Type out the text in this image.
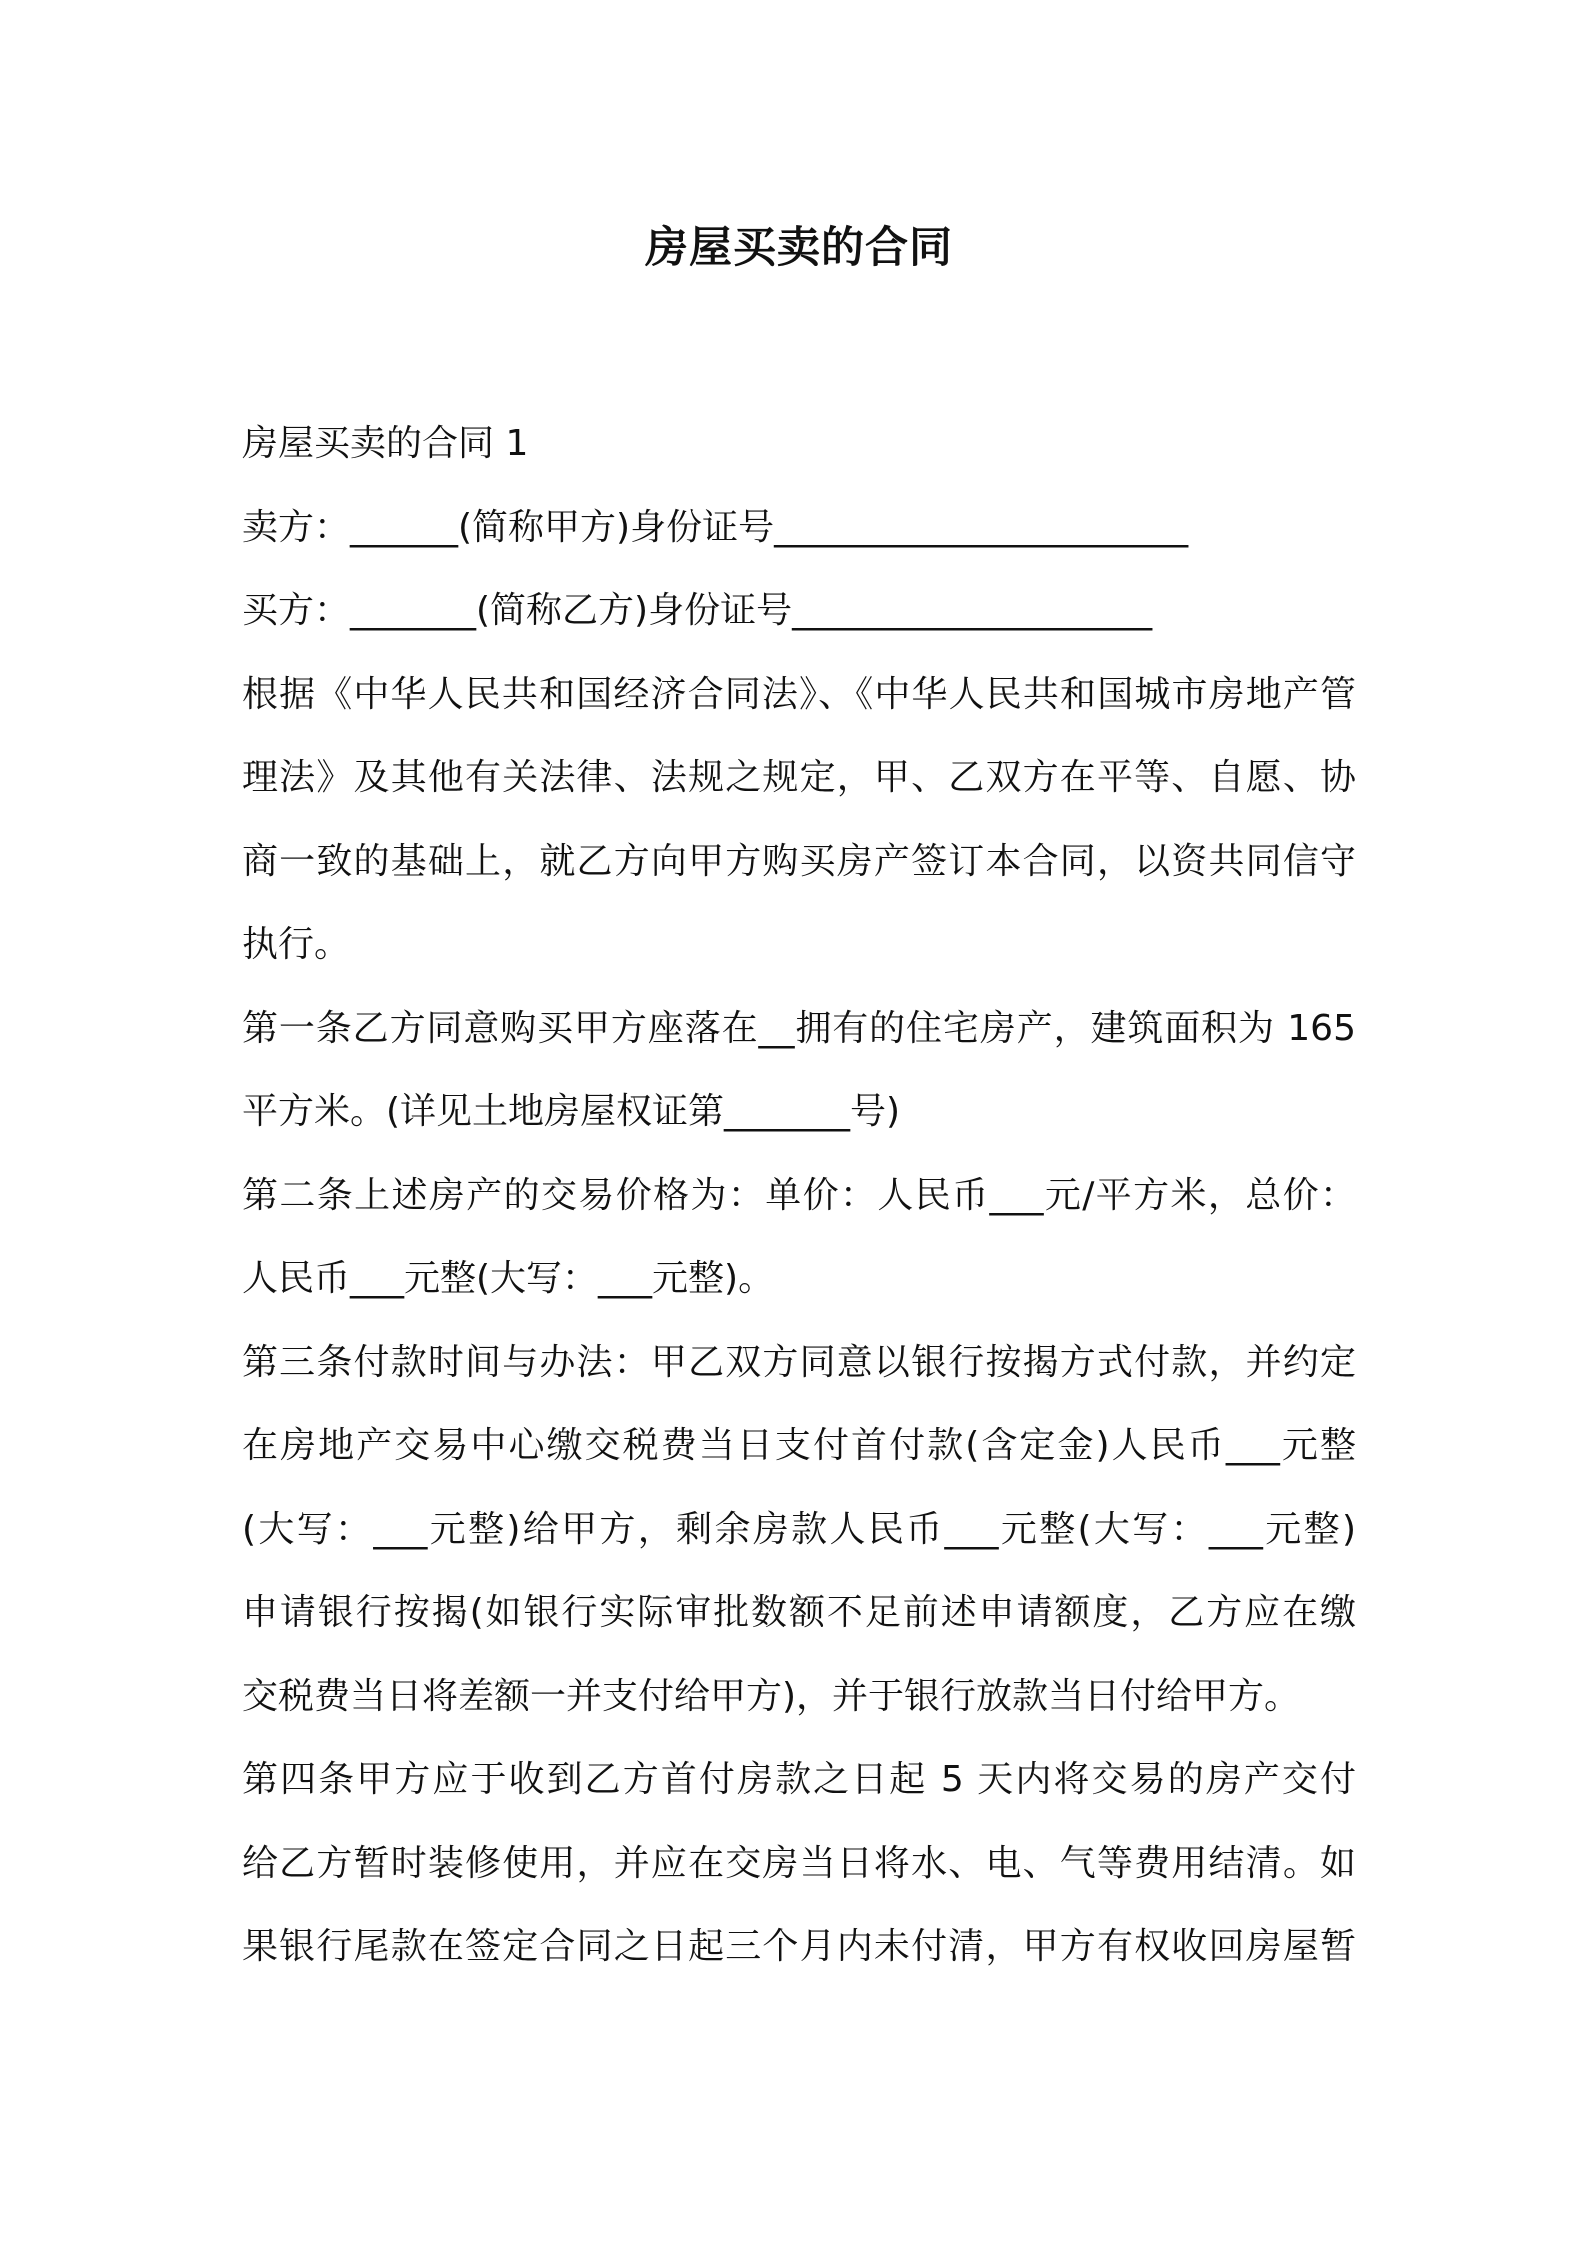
房屋买卖的合同
房屋买卖的合同 1
卖方：______(简称甲方)身份证号_______________________
买方：_______(简称乙方)身份证号____________________
根据《中华人民共和国经济合同法》、《中华人民共和国城市房地产管
理法》及其他有关法律、法规之规定，甲、乙双方在平等、自愿、协
商一致的基础上，就乙方向甲方购买房产签订本合同，以资共同信守
执行。
第一条乙方同意购买甲方座落在__拥有的住宅房产，建筑面积为 165
平方米。(详见土地房屋权证第_______号)
第二条上述房产的交易价格为：单价：人民币___元/平方米，总价：
人民币___元整(大写：___元整)。
第三条付款时间与办法：甲乙双方同意以银行按揭方式付款，并约定
在房地产交易中心缴交税费当日支付首付款(含定金)人民币___元整
(大写：___元整)给甲方，剩余房款人民币___元整(大写：___元整)
申请银行按揭(如银行实际审批数额不足前述申请额度，乙方应在缴
交税费当日将差额一并支付给甲方)，并于银行放款当日付给甲方。
第四条甲方应于收到乙方首付房款之日起 5 天内将交易的房产交付
给乙方暂时装修使用，并应在交房当日将水、电、气等费用结清。如
果银行尾款在签定合同之日起三个月内未付清，甲方有权收回房屋暂
